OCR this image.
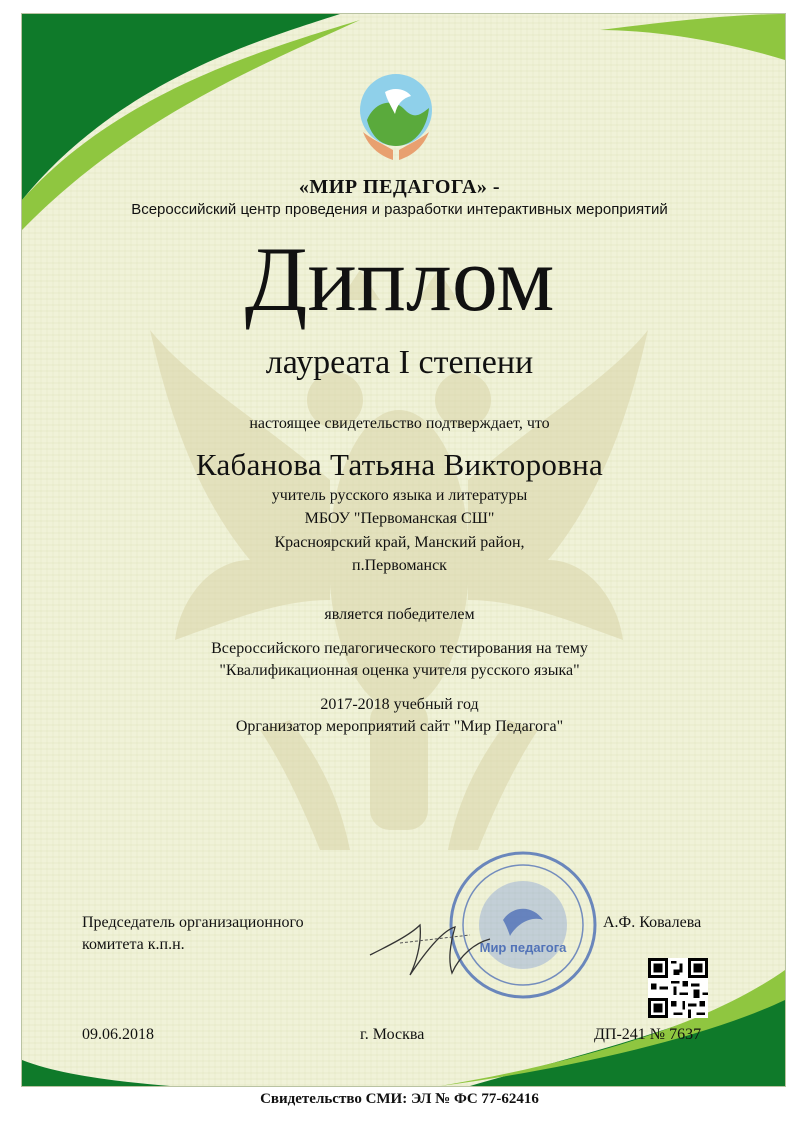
«МИР ПЕДАГОГА» -
Всероссийский центр проведения и разработки интерактивных мероприятий
Диплом
лауреата I степени
настоящее свидетельство подтверждает, что
Кабанова Татьяна Викторовна
учитель русского языка и литературы
МБОУ "Первоманская СШ"
Красноярский край, Манский район,
п.Первоманск
является победителем
Всероссийского педагогического тестирования на тему
"Квалификационная оценка учителя русского языка"
2017-2018 учебный год
Организатор мероприятий сайт "Мир Педагога"
Мир педагога
Председатель организационного
комитета к.п.н.
А.Ф. Ковалева
09.06.2018	г. Москва	ДП-241 № 7637
Свидетельство СМИ: ЭЛ № ФС 77-62416
